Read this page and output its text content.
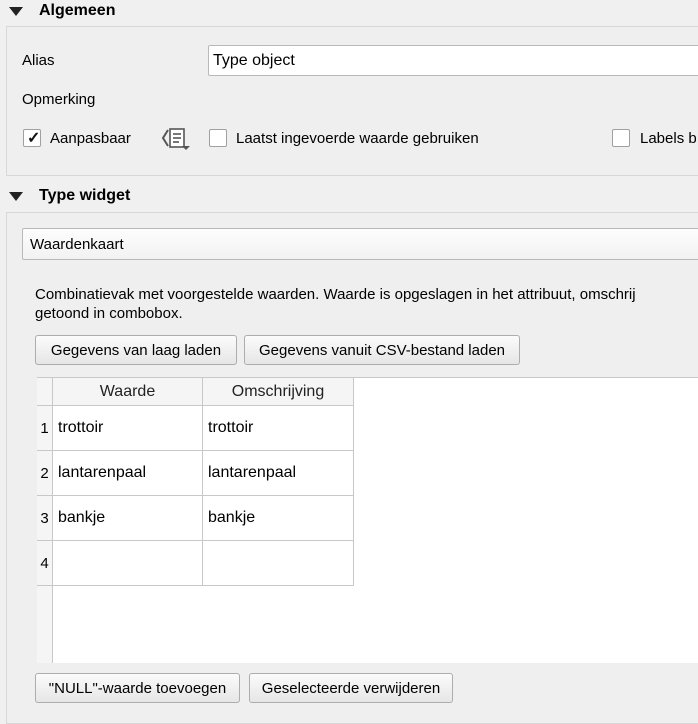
Algemeen
Alias	Type object
Opmerking
✓ Aanpasbaar	Laatst ingevoerde waarde gebruiken	Labels b
Type widget
Waardenkaart
Combinatievak met voorgestelde waarden. Waarde is opgeslagen in het attribuut, omschrij
getoond in combobox.
Gegevens van laag laden	Gegevens vanuit CSV-bestand laden
Waarde	Omschrijving
1 trottoir	trottoir
2 lantarenpaal	lantarenpaal
3 bankje	bankje
4
"NULL"-waarde toevoegen	Geselecteerde verwijderen
